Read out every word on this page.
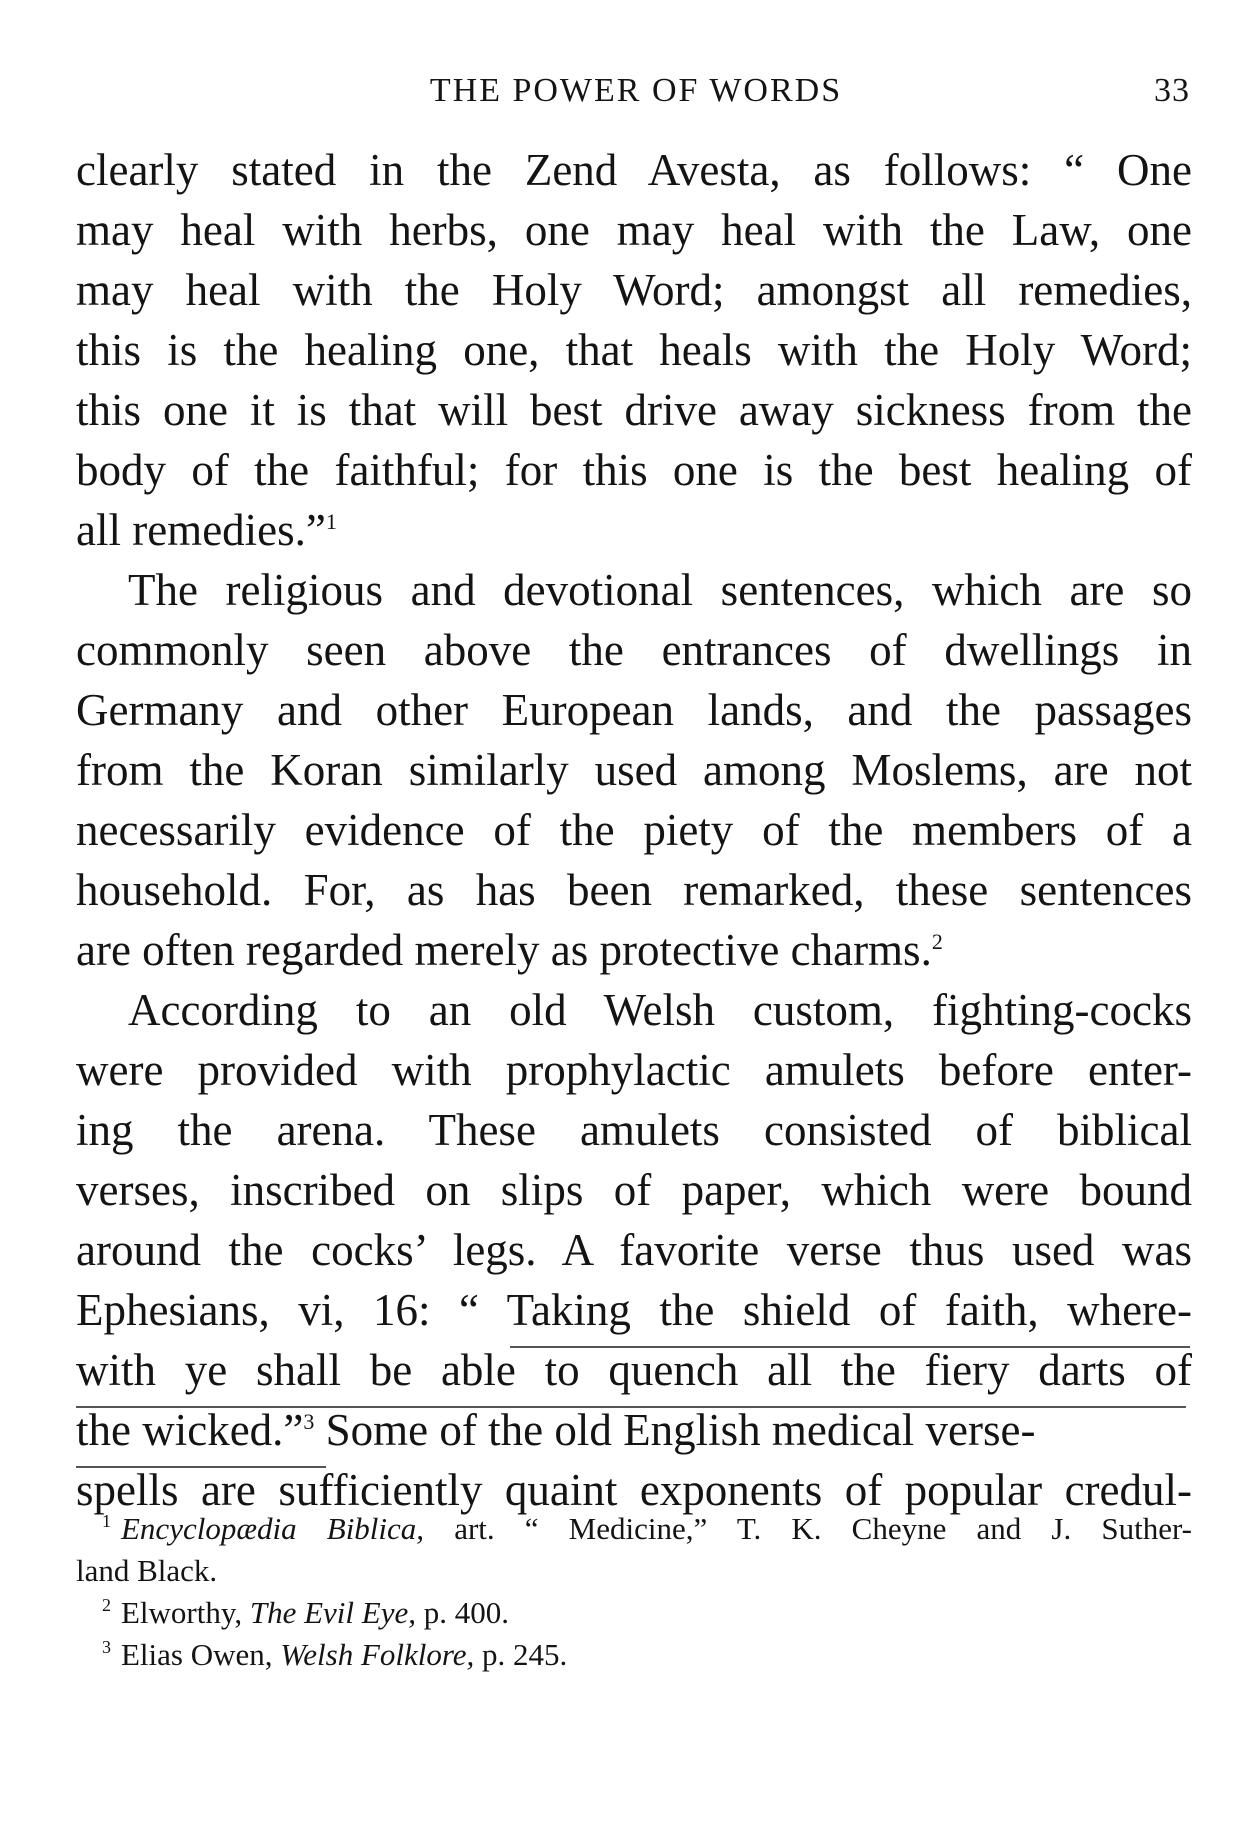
THE POWER OF WORDS	33
clearly stated in the Zend Avesta, as follows: “ One
may heal with herbs, one may heal with the Law, one
may heal with the Holy Word; amongst all remedies,
this is the healing one, that heals with the Holy Word;
this one it is that will best drive away sickness from the
body of the faithful; for this one is the best healing of
all remedies.”$^1$
The religious and devotional sentences, which are so
commonly seen above the entrances of dwellings in
Germany and other European lands, and the passages
from the Koran similarly used among Moslems, are not
necessarily evidence of the piety of the members of a
household. For, as has been remarked, these sentences
are often regarded merely as protective charms.$^2$
According to an old Welsh custom, fighting-cocks
were provided with prophylactic amulets before enter-
ing the arena. These amulets consisted of biblical
verses, inscribed on slips of paper, which were bound
around the cocks’ legs. A favorite verse thus used was
Ephesians, vi, 16: “ Taking the shield of faith, where-
with ye shall be able to quench all the fiery darts of
the wicked.”$^3$ Some of the old English medical verse-
spells are sufficiently quaint exponents of popular credul-
$^1$ Encyclopædia Biblica, art. “ Medicine,” T. K. Cheyne and J. Suther-
land Black.
$^2$ Elworthy, The Evil Eye, p. 400.
$^3$ Elias Owen, Welsh Folklore, p. 245.
